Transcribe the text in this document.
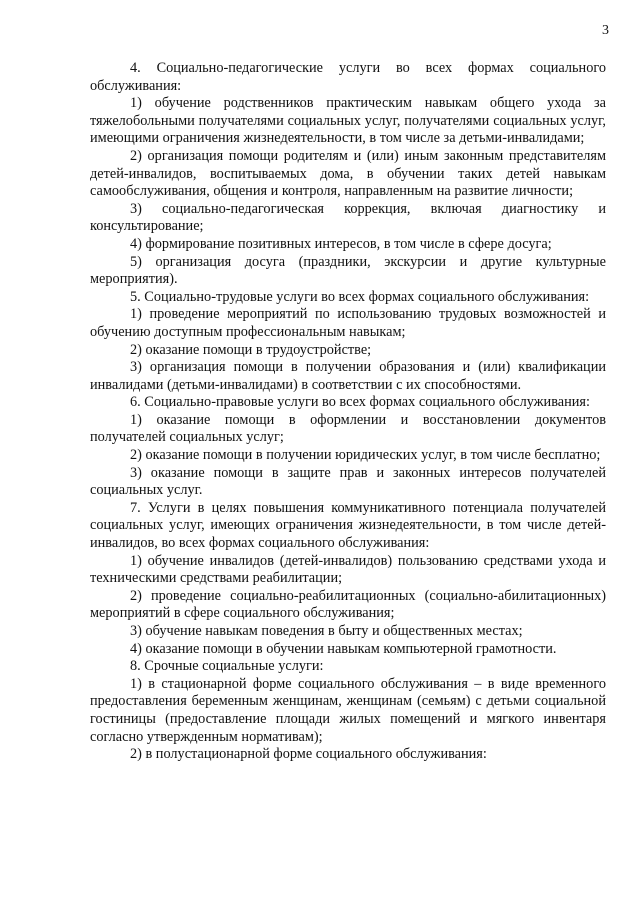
3

4. Социально-педагогические услуги во всех формах социального обслуживания:

1) обучение родственников практическим навыкам общего ухода за тяжелобольными получателями социальных услуг, получателями социальных услуг, имеющими ограничения жизнедеятельности, в том числе за детьми-инвалидами;

2) организация помощи родителям и (или) иным законным представителям детей-инвалидов, воспитываемых дома, в обучении таких детей навыкам самообслуживания, общения и контроля, направленным на развитие личности;

3) социально-педагогическая коррекция, включая диагностику и консультирование;

4) формирование позитивных интересов, в том числе в сфере досуга;

5) организация досуга (праздники, экскурсии и другие культурные мероприятия).

5. Социально-трудовые услуги во всех формах социального обслуживания:

1) проведение мероприятий по использованию трудовых возможностей и обучению доступным профессиональным навыкам;

2) оказание помощи в трудоустройстве;

3) организация помощи в получении образования и (или) квалификации инвалидами (детьми-инвалидами) в соответствии с их способностями.

6. Социально-правовые услуги во всех формах социального обслуживания:

1) оказание помощи в оформлении и восстановлении документов получателей социальных услуг;

2) оказание помощи в получении юридических услуг, в том числе бесплатно;

3) оказание помощи в защите прав и законных интересов получателей социальных услуг.

7. Услуги в целях повышения коммуникативного потенциала получателей социальных услуг, имеющих ограничения жизнедеятельности, в том числе детей-инвалидов, во всех формах социального обслуживания:

1) обучение инвалидов (детей-инвалидов) пользованию средствами ухода и техническими средствами реабилитации;

2) проведение социально-реабилитационных (социально-абилитационных) мероприятий в сфере социального обслуживания;

3) обучение навыкам поведения в быту и общественных местах;

4) оказание помощи в обучении навыкам компьютерной грамотности.

8. Срочные социальные услуги:

1) в стационарной форме социального обслуживания – в виде временного предоставления беременным женщинам, женщинам (семьям) с детьми социальной гостиницы (предоставление площади жилых помещений и мягкого инвентаря согласно утвержденным нормативам);

2) в полустационарной форме социального обслуживания:
